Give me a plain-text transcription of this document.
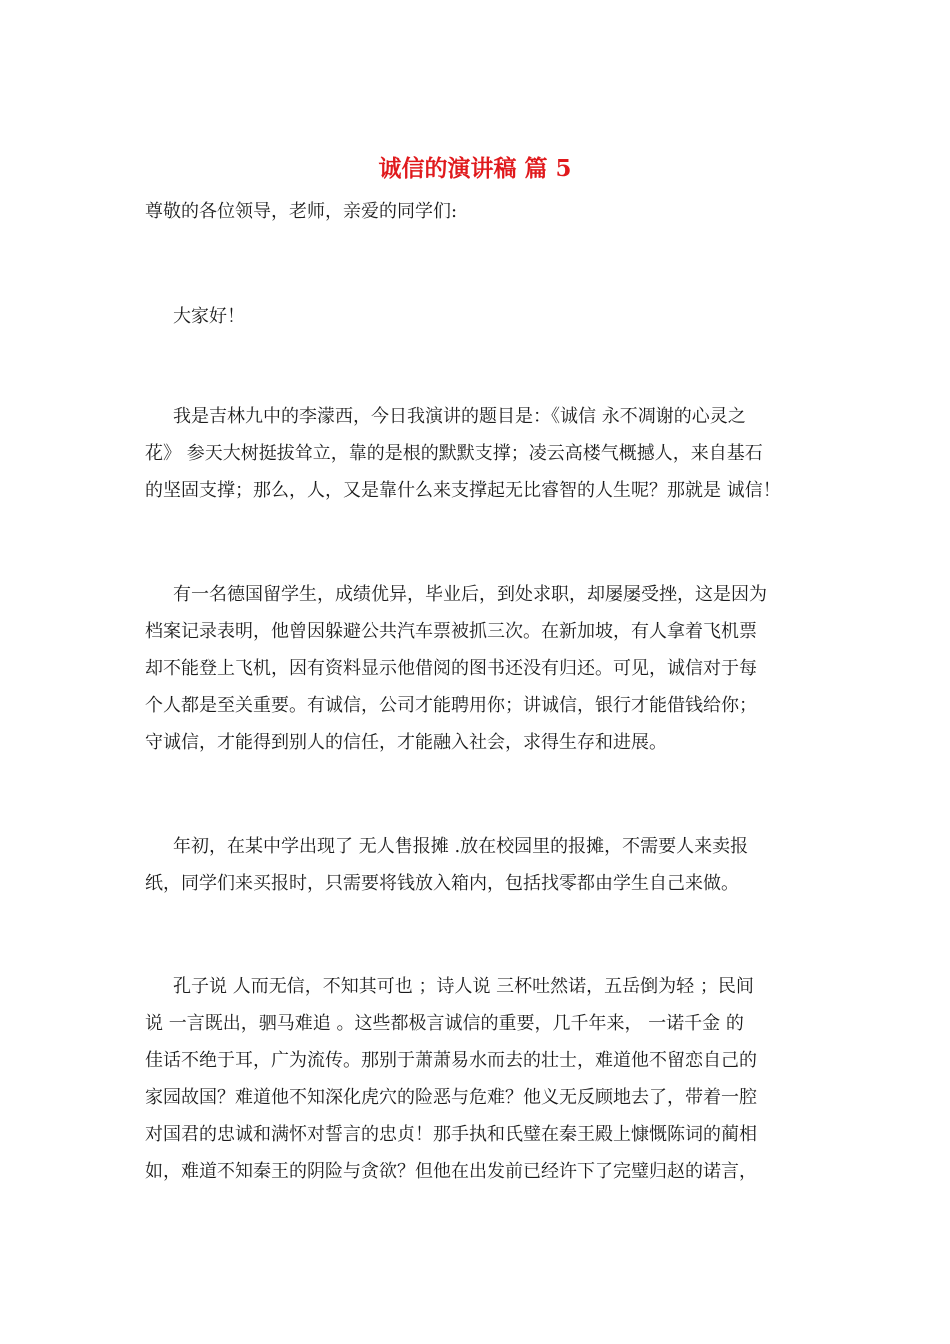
诚信的演讲稿 篇 5

尊敬的各位领导，老师，亲爱的同学们:

大家好！

我是吉林九中的李濛西，今日我演讲的题目是：《诚信 永不凋谢的心灵之
花》 参天大树挺拔耸立，靠的是根的默默支撑；凌云高楼气概撼人，来自基石
的坚固支撑；那么，人，又是靠什么来支撑起无比睿智的人生呢？那就是 诚信！

有一名德国留学生，成绩优异，毕业后，到处求职，却屡屡受挫，这是因为
档案记录表明，他曾因躲避公共汽车票被抓三次。在新加坡，有人拿着飞机票
却不能登上飞机，因有资料显示他借阅的图书还没有归还。可见，诚信对于每
个人都是至关重要。有诚信，公司才能聘用你；讲诚信，银行才能借钱给你；
守诚信，才能得到别人的信任，才能融入社会，求得生存和进展。

年初，在某中学出现了 无人售报摊 .放在校园里的报摊，不需要人来卖报
纸，同学们来买报时，只需要将钱放入箱内，包括找零都由学生自己来做。

孔子说 人而无信，不知其可也 ；诗人说 三杯吐然诺，五岳倒为轻 ；民间
说 一言既出，驷马难追 。这些都极言诚信的重要，几千年来， 一诺千金 的
佳话不绝于耳，广为流传。那别于萧萧易水而去的壮士，难道他不留恋自己的
家园故国？难道他不知深化虎穴的险恶与危难？他义无反顾地去了，带着一腔
对国君的忠诚和满怀对誓言的忠贞！那手执和氏璧在秦王殿上慷慨陈词的蔺相
如，难道不知秦王的阴险与贪欲？但他在出发前已经许下了完璧归赵的诺言，
